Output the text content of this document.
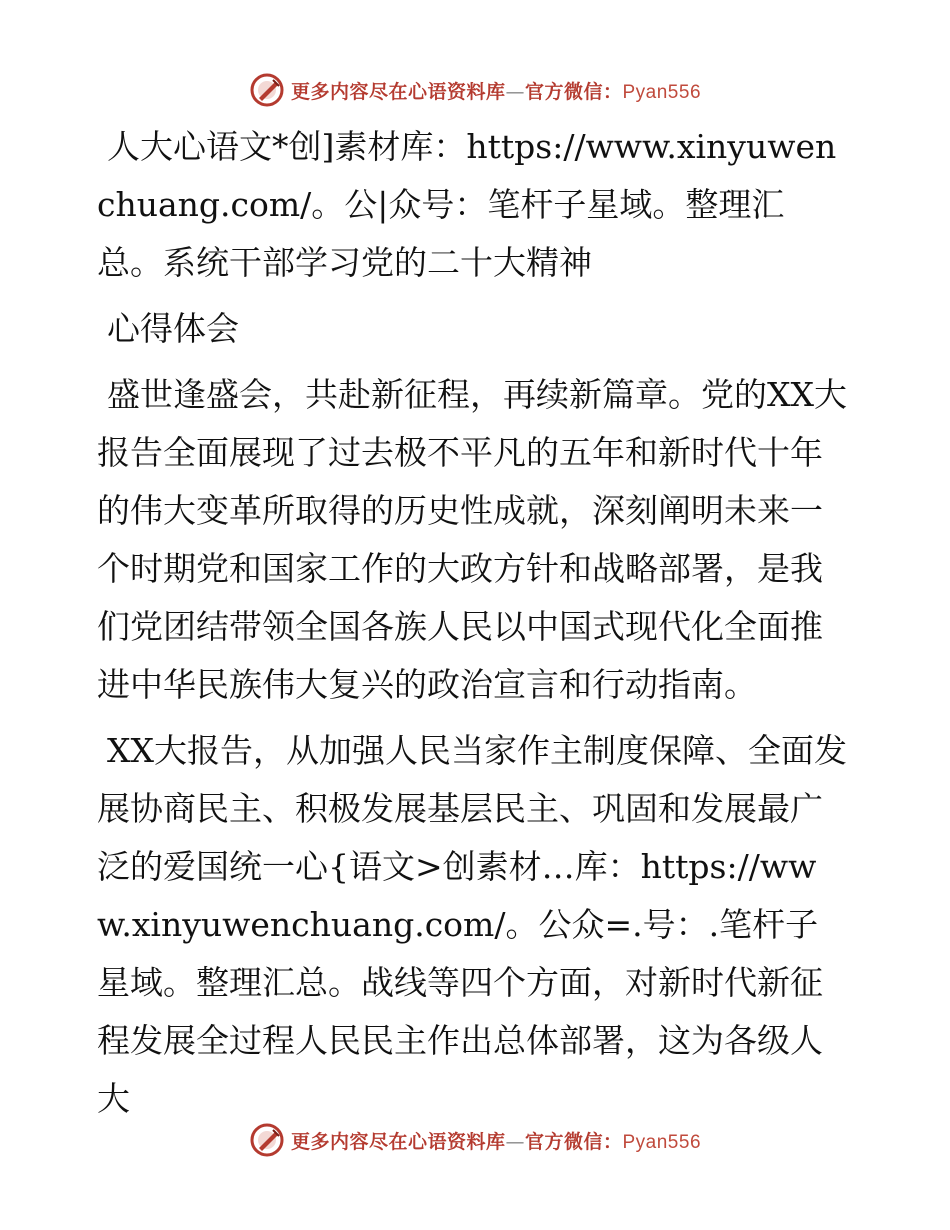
更多内容尽在心语资料库—官方微信：Pyan556

人大心语文*创]素材库：https://www.xinyuwenchuang.com/。公|众号：笔杆子星域。整理汇总。系统干部学习党的二十大精神

心得体会

盛世逢盛会，共赴新征程，再续新篇章。党的XX大报告全面展现了过去极不平凡的五年和新时代十年的伟大变革所取得的历史性成就，深刻阐明未来一个时期党和国家工作的大政方针和战略部署，是我们党团结带领全国各族人民以中国式现代化全面推进中华民族伟大复兴的政治宣言和行动指南。

XX大报告，从加强人民当家作主制度保障、全面发展协商民主、积极发展基层民主、巩固和发展最广泛的爱国统一心{语文>创素材…库：https://www.xinyuwenchuang.com/。公众=.号：.笔杆子星域。整理汇总。战线等四个方面，对新时代新征程发展全过程人民民主作出总体部署，这为各级人大

更多内容尽在心语资料库—官方微信：Pyan556
